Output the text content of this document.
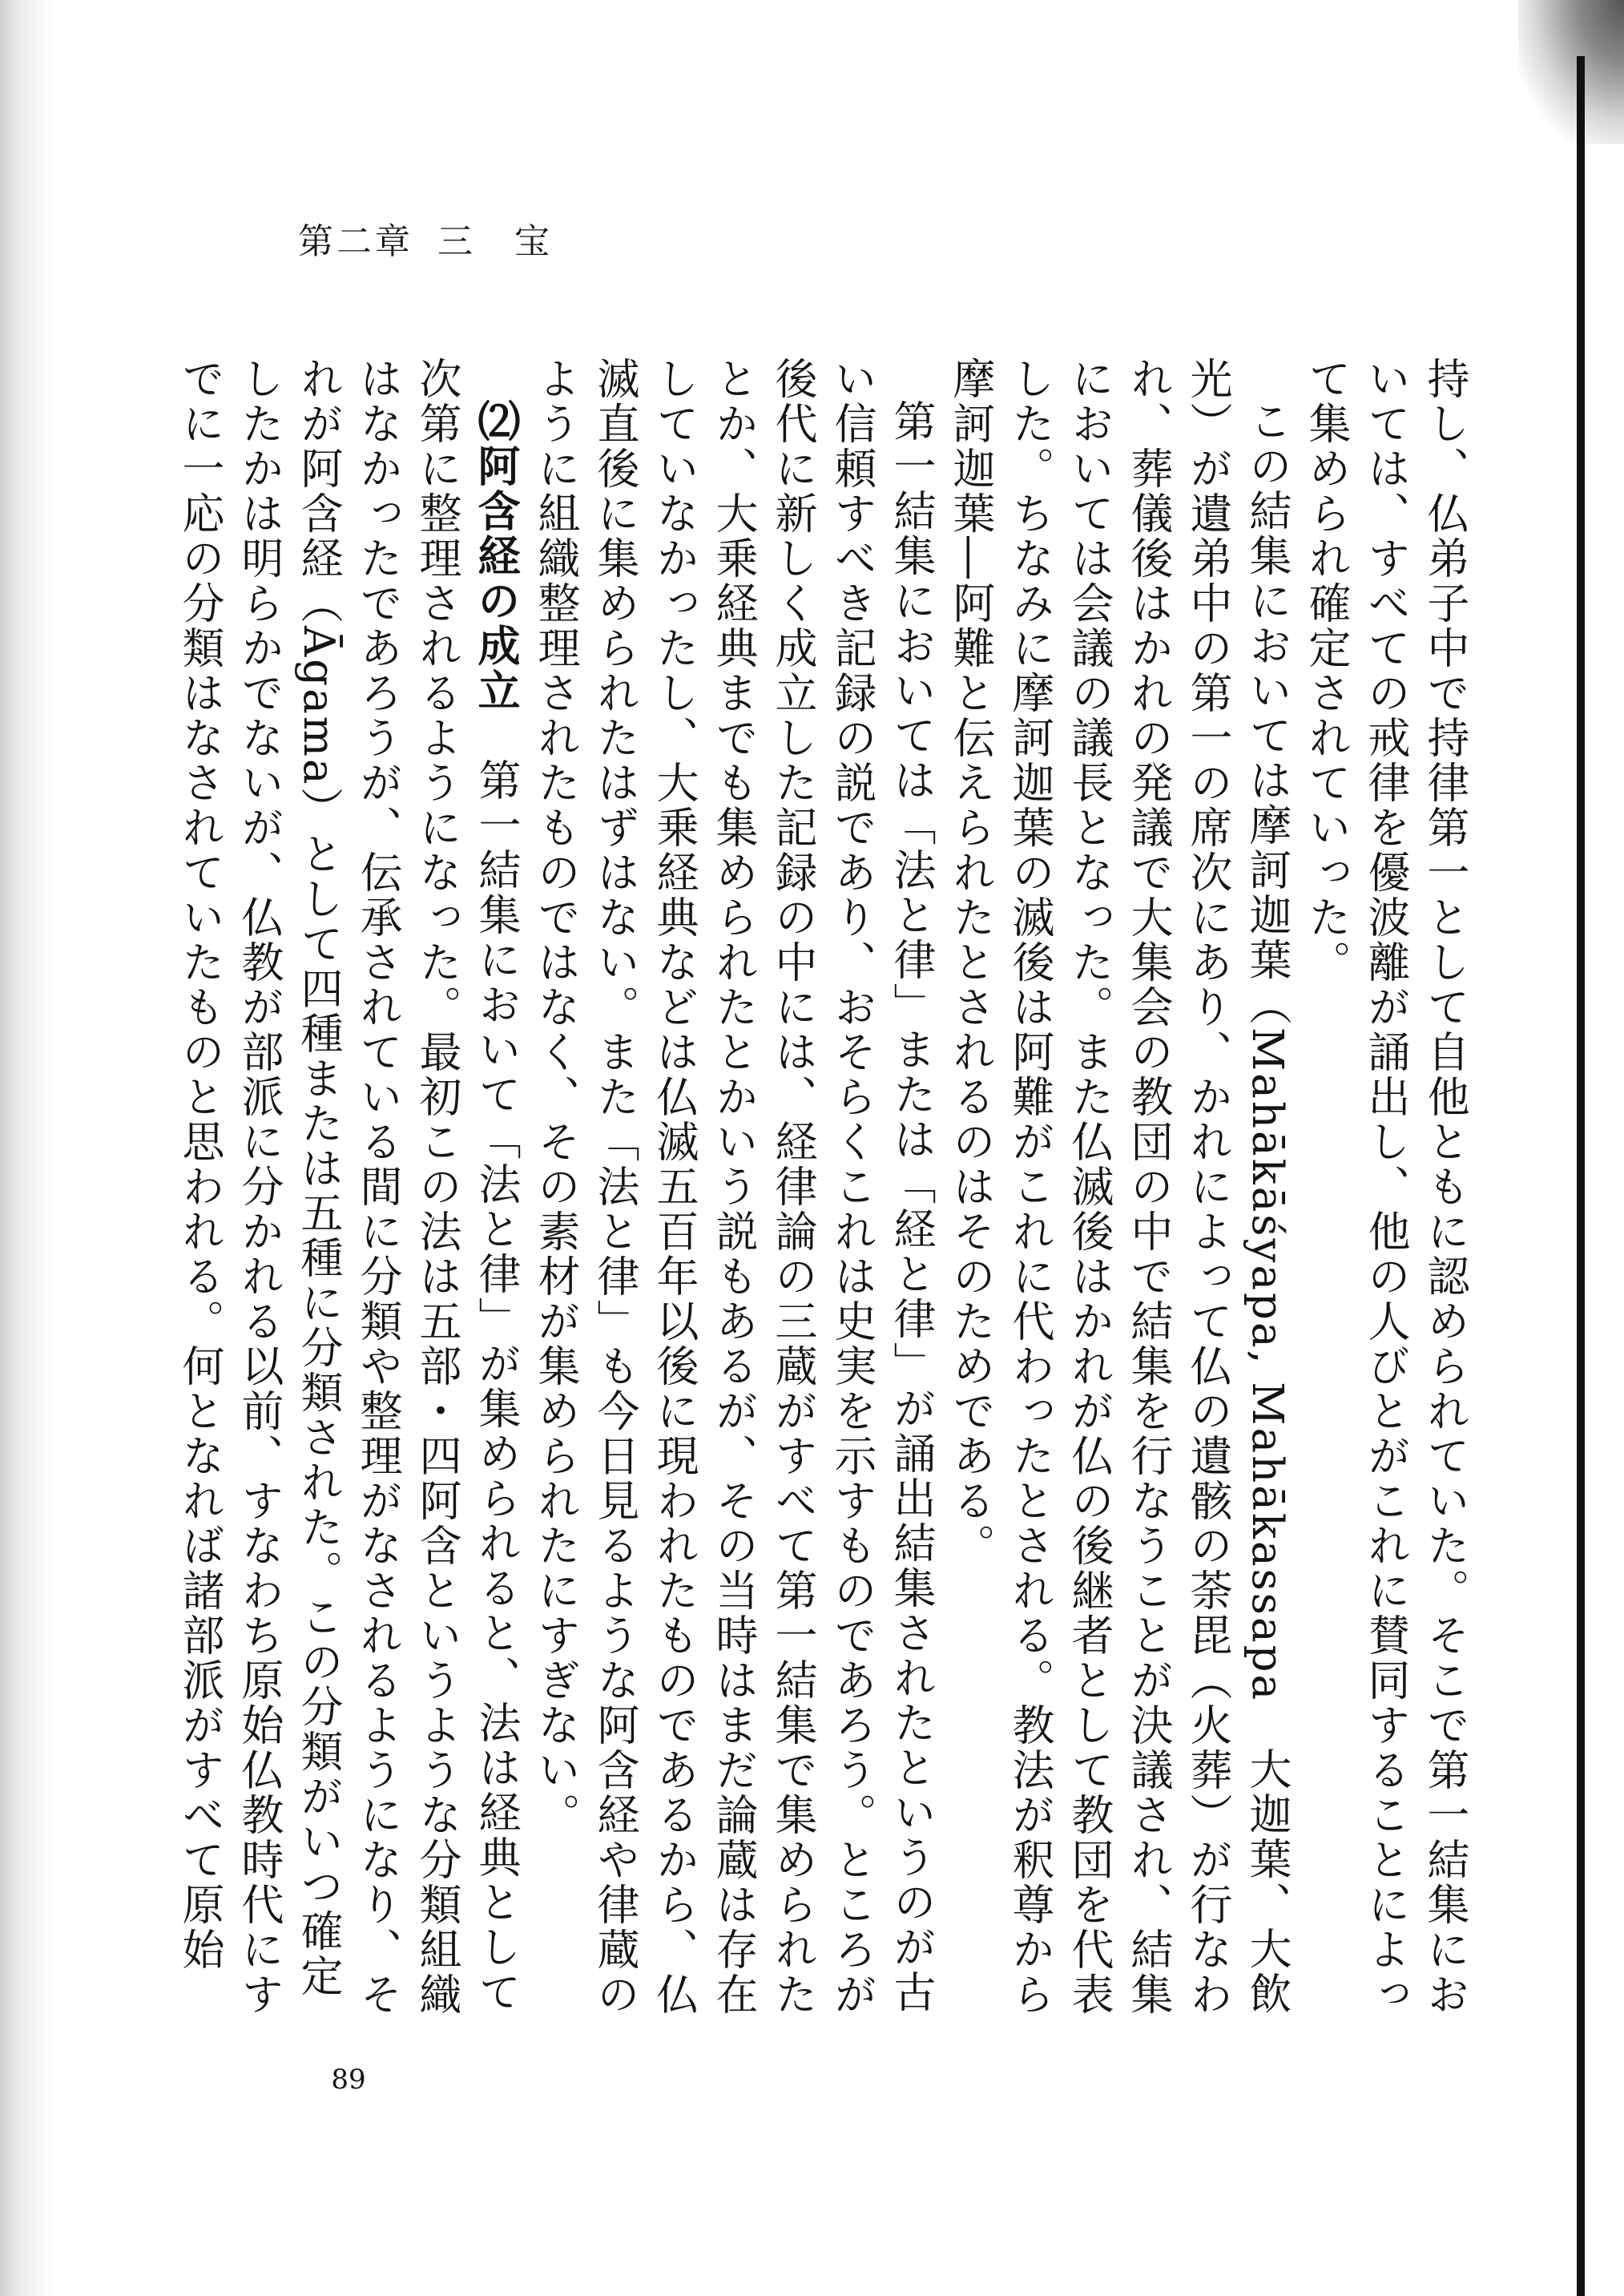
第二章 三　宝

持し、仏弟子中で持律第一として自他ともに認められていた。そこで第一結集においては、すべての戒律を優波離が誦出し、他の人びとがこれに賛同することによって集められ確定されていった。

この結集においては摩訶迦葉（Mahākāśyapa, Mahākassapa　大迦葉、大飲光）が遺弟中の第一の席次にあり、かれによって仏の遺骸の荼毘（火葬）が行なわれ、葬儀後はかれの発議で大集会の教団の中で結集を行なうことが決議され、結集においては会議の議長となった。また仏滅後はかれが仏の後継者として教団を代表した。ちなみに摩訶迦葉の滅後は阿難がこれに代わったとされる。教法が釈尊から摩訶迦葉―阿難と伝えられたとされるのはそのためである。

第一結集においては「法と律」または「経と律」が誦出結集されたというのが古い信頼すべき記録の説であり、おそらくこれは史実を示すものであろう。ところが後代に新しく成立した記録の中には、経律論の三蔵がすべて第一結集で集められたとか、大乗経典までも集められたとかいう説もあるが、その当時はまだ論蔵は存在していなかったし、大乗経典などは仏滅五百年以後に現われたものであるから、仏滅直後に集められたはずはない。また「法と律」も今日見るような阿含経や律蔵のように組織整理されたものではなく、その素材が集められたにすぎない。

⑵阿含経の成立　第一結集において「法と律」が集められると、法は経典として次第に整理されるようになった。最初この法は五部・四阿含というような分類組織はなかったであろうが、伝承されている間に分類や整理がなされるようになり、それが阿含経（Āgama）として四種または五種に分類された。この分類がいつ確定したかは明らかでないが、仏教が部派に分かれる以前、すなわち原始仏教時代にすでに一応の分類はなされていたものと思われる。何となれば諸部派がすべて原始

89
